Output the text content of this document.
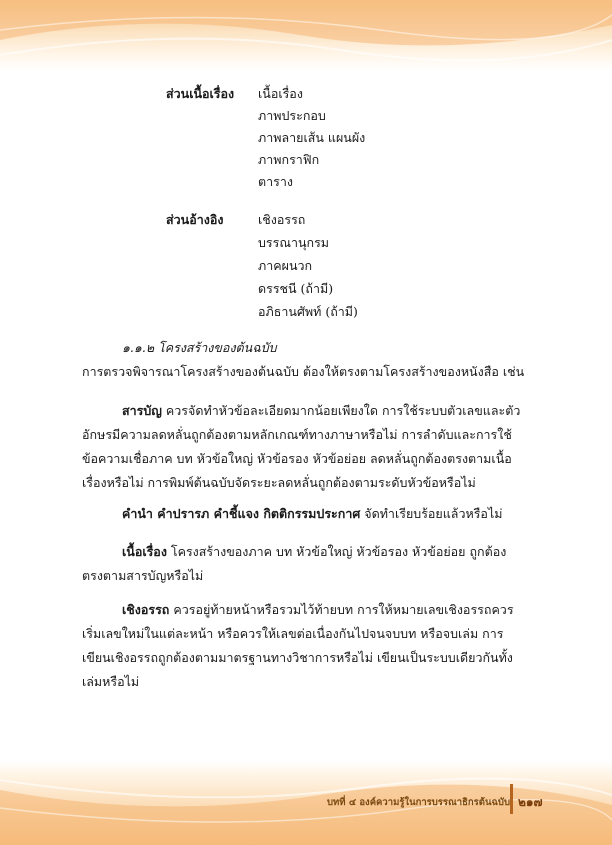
ส่วนเนื้อเรื่อง เนื้อเรื่อง
ภาพประกอบ
ภาพลายเส้น แผนผัง
ภาพกราฟิก
ตาราง
ส่วนอ้างอิง	เชิงอรรถ
บรรณานุกรม
ภาคผนวก
ดรรชนี (ถ้ามี)
อภิธานศัพท์ (ถ้ามี)
๑.๑.๒ โครงสร้างของต้นฉบับ
การตรวจพิจารณาโครงสร้างของต้นฉบับ ต้องให้ตรงตามโครงสร้างของหนังสือ เช่น
สารบัญ ควรจัดทำหัวข้อละเอียดมากน้อยเพียงใด การใช้ระบบตัวเลขและตัวอักษรมีความลดหลั่นถูกต้องตามหลักเกณฑ์ทางภาษาหรือไม่ การลำดับและการใช้ข้อความเชื่อภาค บท หัวข้อใหญ่ หัวข้อรอง หัวข้อย่อย ลดหลั่นถูกต้องตรงตามเนื้อเรื่องหรือไม่ การพิมพ์ต้นฉบับจัดระยะลดหลั่นถูกต้องตามระดับหัวข้อหรือไม่
คำนำ คำปรารภ คำชี้แจง กิตติกรรมประกาศ จัดทำเรียบร้อยแล้วหรือไม่
เนื้อเรื่อง โครงสร้างของภาค บท หัวข้อใหญ่ หัวข้อรอง หัวข้อย่อย ถูกต้องตรงตามสารบัญหรือไม่
เชิงอรรถ ควรอยู่ท้ายหน้าหรือรวมไว้ท้ายบท การให้หมายเลขเชิงอรรถควรเริ่มเลขใหม่ในแต่ละหน้า หรือควรให้เลขต่อเนื่องกันไปจนจบบท หรือจบเล่ม การเขียนเชิงอรรถถูกต้องตามมาตรฐานทางวิชาการหรือไม่ เขียนเป็นระบบเดียวกันทั้งเล่มหรือไม่
บทที่ ๔ องค์ความรู้ในการบรรณาธิกรต้นฉบับ ๒๑๗
